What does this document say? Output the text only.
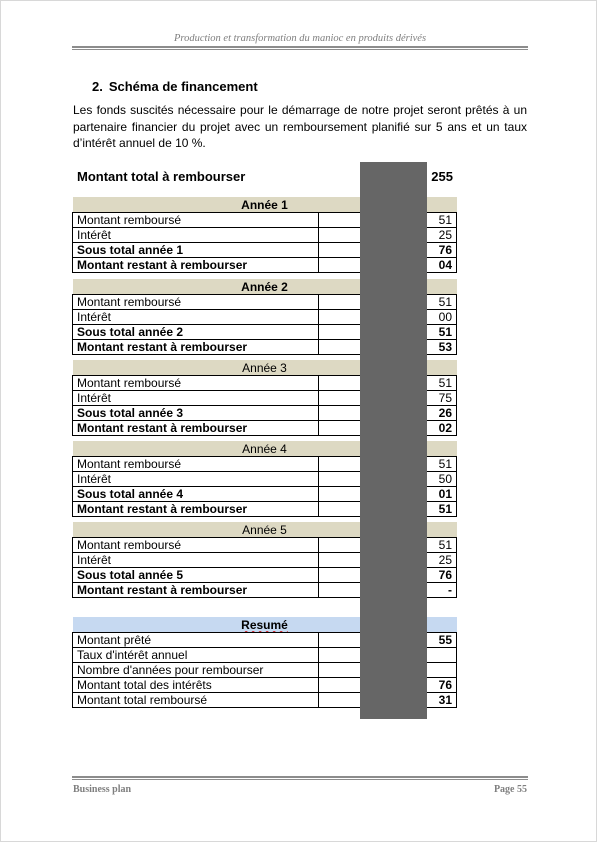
Production et transformation du manioc en produits dérivés
2. Schéma de financement
Les fonds suscités nécessaire pour le démarrage de notre projet seront prêtés à un partenaire financier du projet avec un remboursement planifié sur 5 ans et un taux d’intérêt annuel de 10 %.
Montant total à rembourser	255
Année 1	
Montant remboursé	51
Intérêt	25
Sous total année 1	76
Montant restant à rembourser	04
Année 2	
Montant remboursé	51
Intérêt	00
Sous total année 2	51
Montant restant à rembourser	53
Année 3	
Montant remboursé	51
Intérêt	75
Sous total année 3	26
Montant restant à rembourser	02
Année 4	
Montant remboursé	51
Intérêt	50
Sous total année 4	01
Montant restant à rembourser	51
Année 5	
Montant remboursé	51
Intérêt	25
Sous total année 5	76
Montant restant à rembourser	-
Resumé	
Montant prêté	55
Taux d'intérêt annuel	
Nombre d'années pour rembourser	
Montant total des intérêts	76
Montant total remboursé	31
Business plan	Page 55
